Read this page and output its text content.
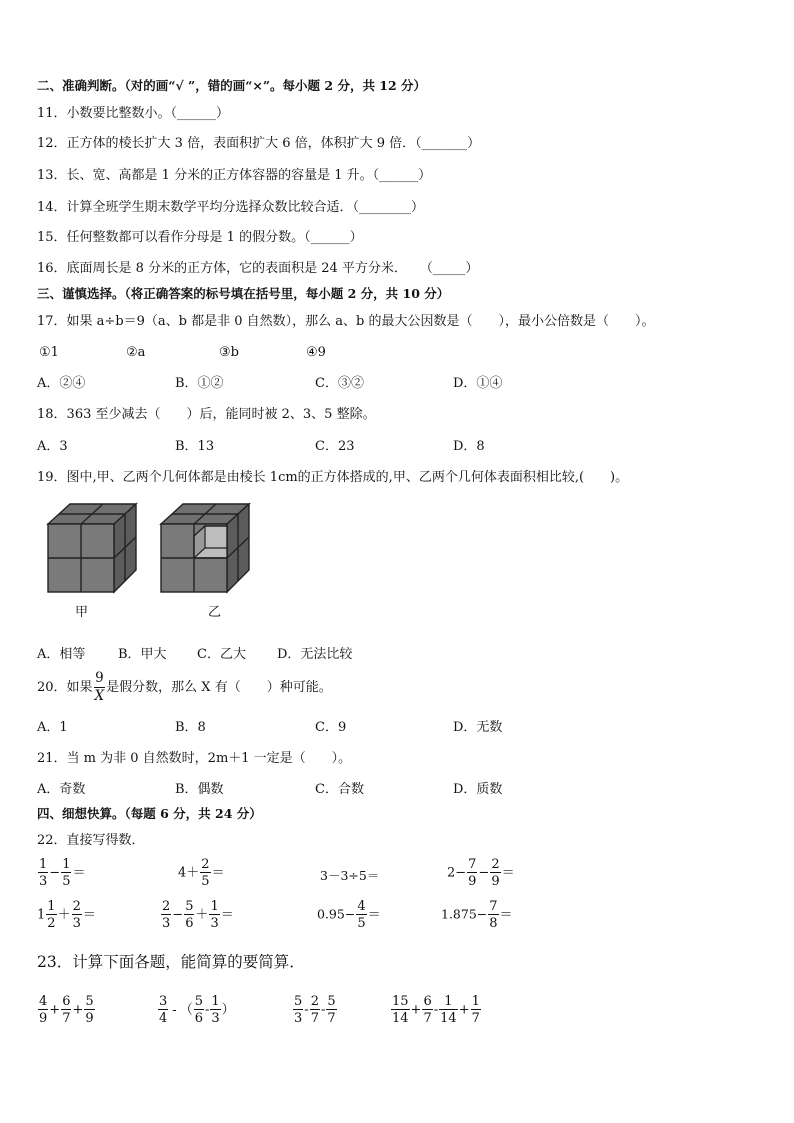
二、准确判断。（对的画“√ ”，错的画“×”。每小题 2 分，共 12 分）
11．小数要比整数小。（______）
12．正方体的棱长扩大 3 倍，表面积扩大 6 倍，体积扩大 9 倍．（_______）
13．长、宽、高都是 1 分米的正方体容器的容量是 1 升。（______）
14．计算全班学生期末数学平均分选择众数比较合适．（________）
15．任何整数都可以看作分母是 1 的假分数。（______）
16．底面周长是 8 分米的正方体，它的表面积是 24 平方分米．　　（_____）
三、谨慎选择。（将正确答案的标号填在括号里，每小题 2 分，共 10 分）
17．如果 a÷b＝9（a、b 都是非 0 自然数），那么 a、b 的最大公因数是（　　），最小公倍数是（　　）。
①1	②a	③b	④9
A．②④	B．①②	C．③②	D．①④
18．363 至少减去（　　）后，能同时被 2、3、5 整除。
A．3	B．13	C．23	D．8
19．图中,甲、乙两个几何体都是由棱长 1cm的正方体搭成的,甲、乙两个几何体表面积相比较,(　　)。
甲	乙
A．相等	B．甲大 C．乙大 D．无法比较
20．如果 $\frac{9}{X}$ 是假分数，那么 X 有（　　）种可能。
A．1	B．8	C．9	D．无数
21．当 m 为非 0 自然数时，2m＋1 一定是（　　）。
A．奇数	B．偶数	C．合数	D．质数
四、细想快算。（每题 6 分，共 24 分）
22．直接写得数．
$\frac{1}{3} - \frac{1}{5}$ ＝	$4+ \frac{2}{5}$ ＝	3－3÷5＝	$2- \frac{7}{9} - \frac{2}{9}$ ＝
$1 \frac{1}{2} + \frac{2}{3}$ ＝	$\frac{2}{3} - \frac{5}{6} + \frac{1}{3}$ ＝	$0.95- \frac{4}{5}$ ＝	$1.875- \frac{7}{8}$ ＝
23．计算下面各题，能简算的要简算．
$\frac{4}{9} + \frac{6}{7} + \frac{5}{9}$	$\frac{3}{4}$ - （ $\frac{5}{6} - \frac{1}{3}$ ）	$\frac{5}{3} - \frac{2}{7} - \frac{5}{7}$	$\frac{15}{14} + \frac{6}{7} - \frac{1}{14} + \frac{1}{7}$
